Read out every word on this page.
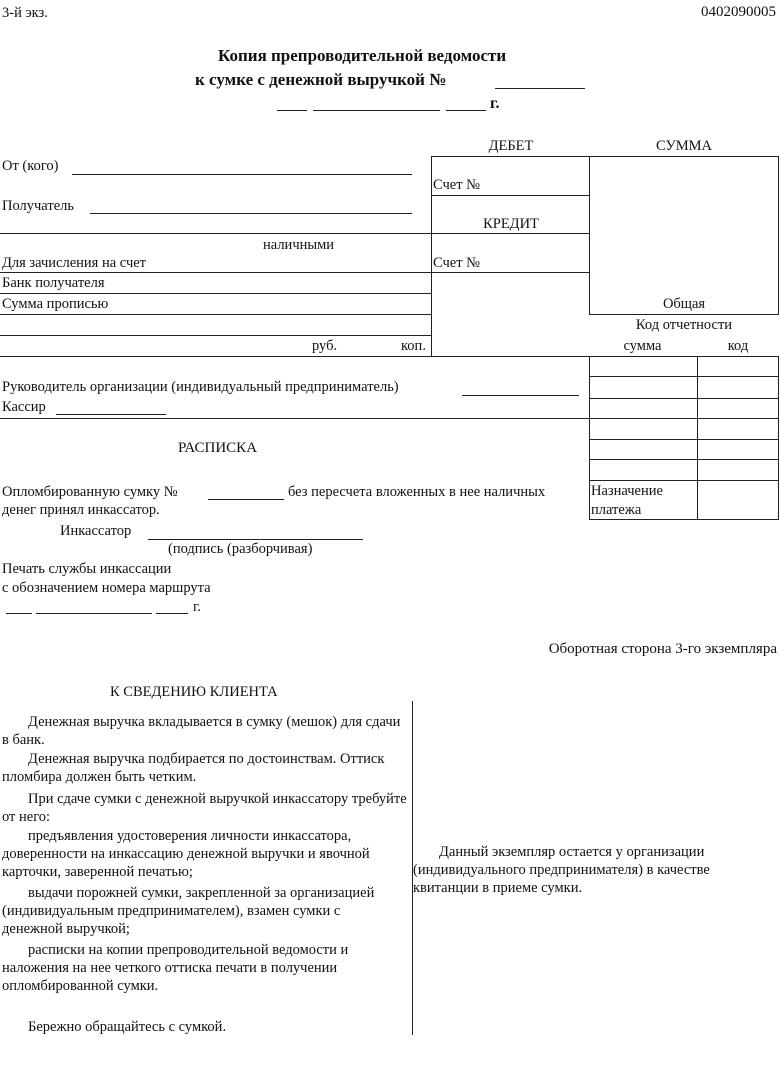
3-й экз.	0402090005
Копия препроводительной ведомости
к сумке с денежной выручкой №
г.
ДЕБЕТ	СУММА
Счет №
КРЕДИТ
Счет №
Общая
Код отчетности
сумма	код
От (кого)
Получатель
наличными
Для зачисления на счет
Банк получателя
Сумма прописью
руб.	коп.
Назначение
платежа
Руководитель организации (индивидуальный предприниматель)
Кассир
РАСПИСКА
Опломбированную сумку №	без пересчета вложенных в нее наличных
денег принял инкассатор.
Инкассатор
(подпись (разборчивая)
Печать службы инкассации
с обозначением номера маршрута
г.
Оборотная сторона 3-го экземпляра
К СВЕДЕНИЮ КЛИЕНТА
Денежная выручка вкладывается в сумку (мешок) для сдачи в банк.
Денежная выручка подбирается по достоинствам. Оттиск пломбира должен быть четким.
При сдаче сумки с денежной выручкой инкассатору требуйте от него:
предъявления удостоверения личности инкассатора, доверенности на инкассацию денежной выручки и явочной карточки, заверенной печатью;
выдачи порожней сумки, закрепленной за организацией (индивидуальным предпринимателем), взамен сумки с денежной выручкой;
расписки на копии препроводительной ведомости и наложения на нее четкого оттиска печати в получении опломбированной сумки.
Бережно обращайтесь с сумкой.
Данный экземпляр остается у организации (индивидуального предпринимателя) в качестве квитанции в приеме сумки.
